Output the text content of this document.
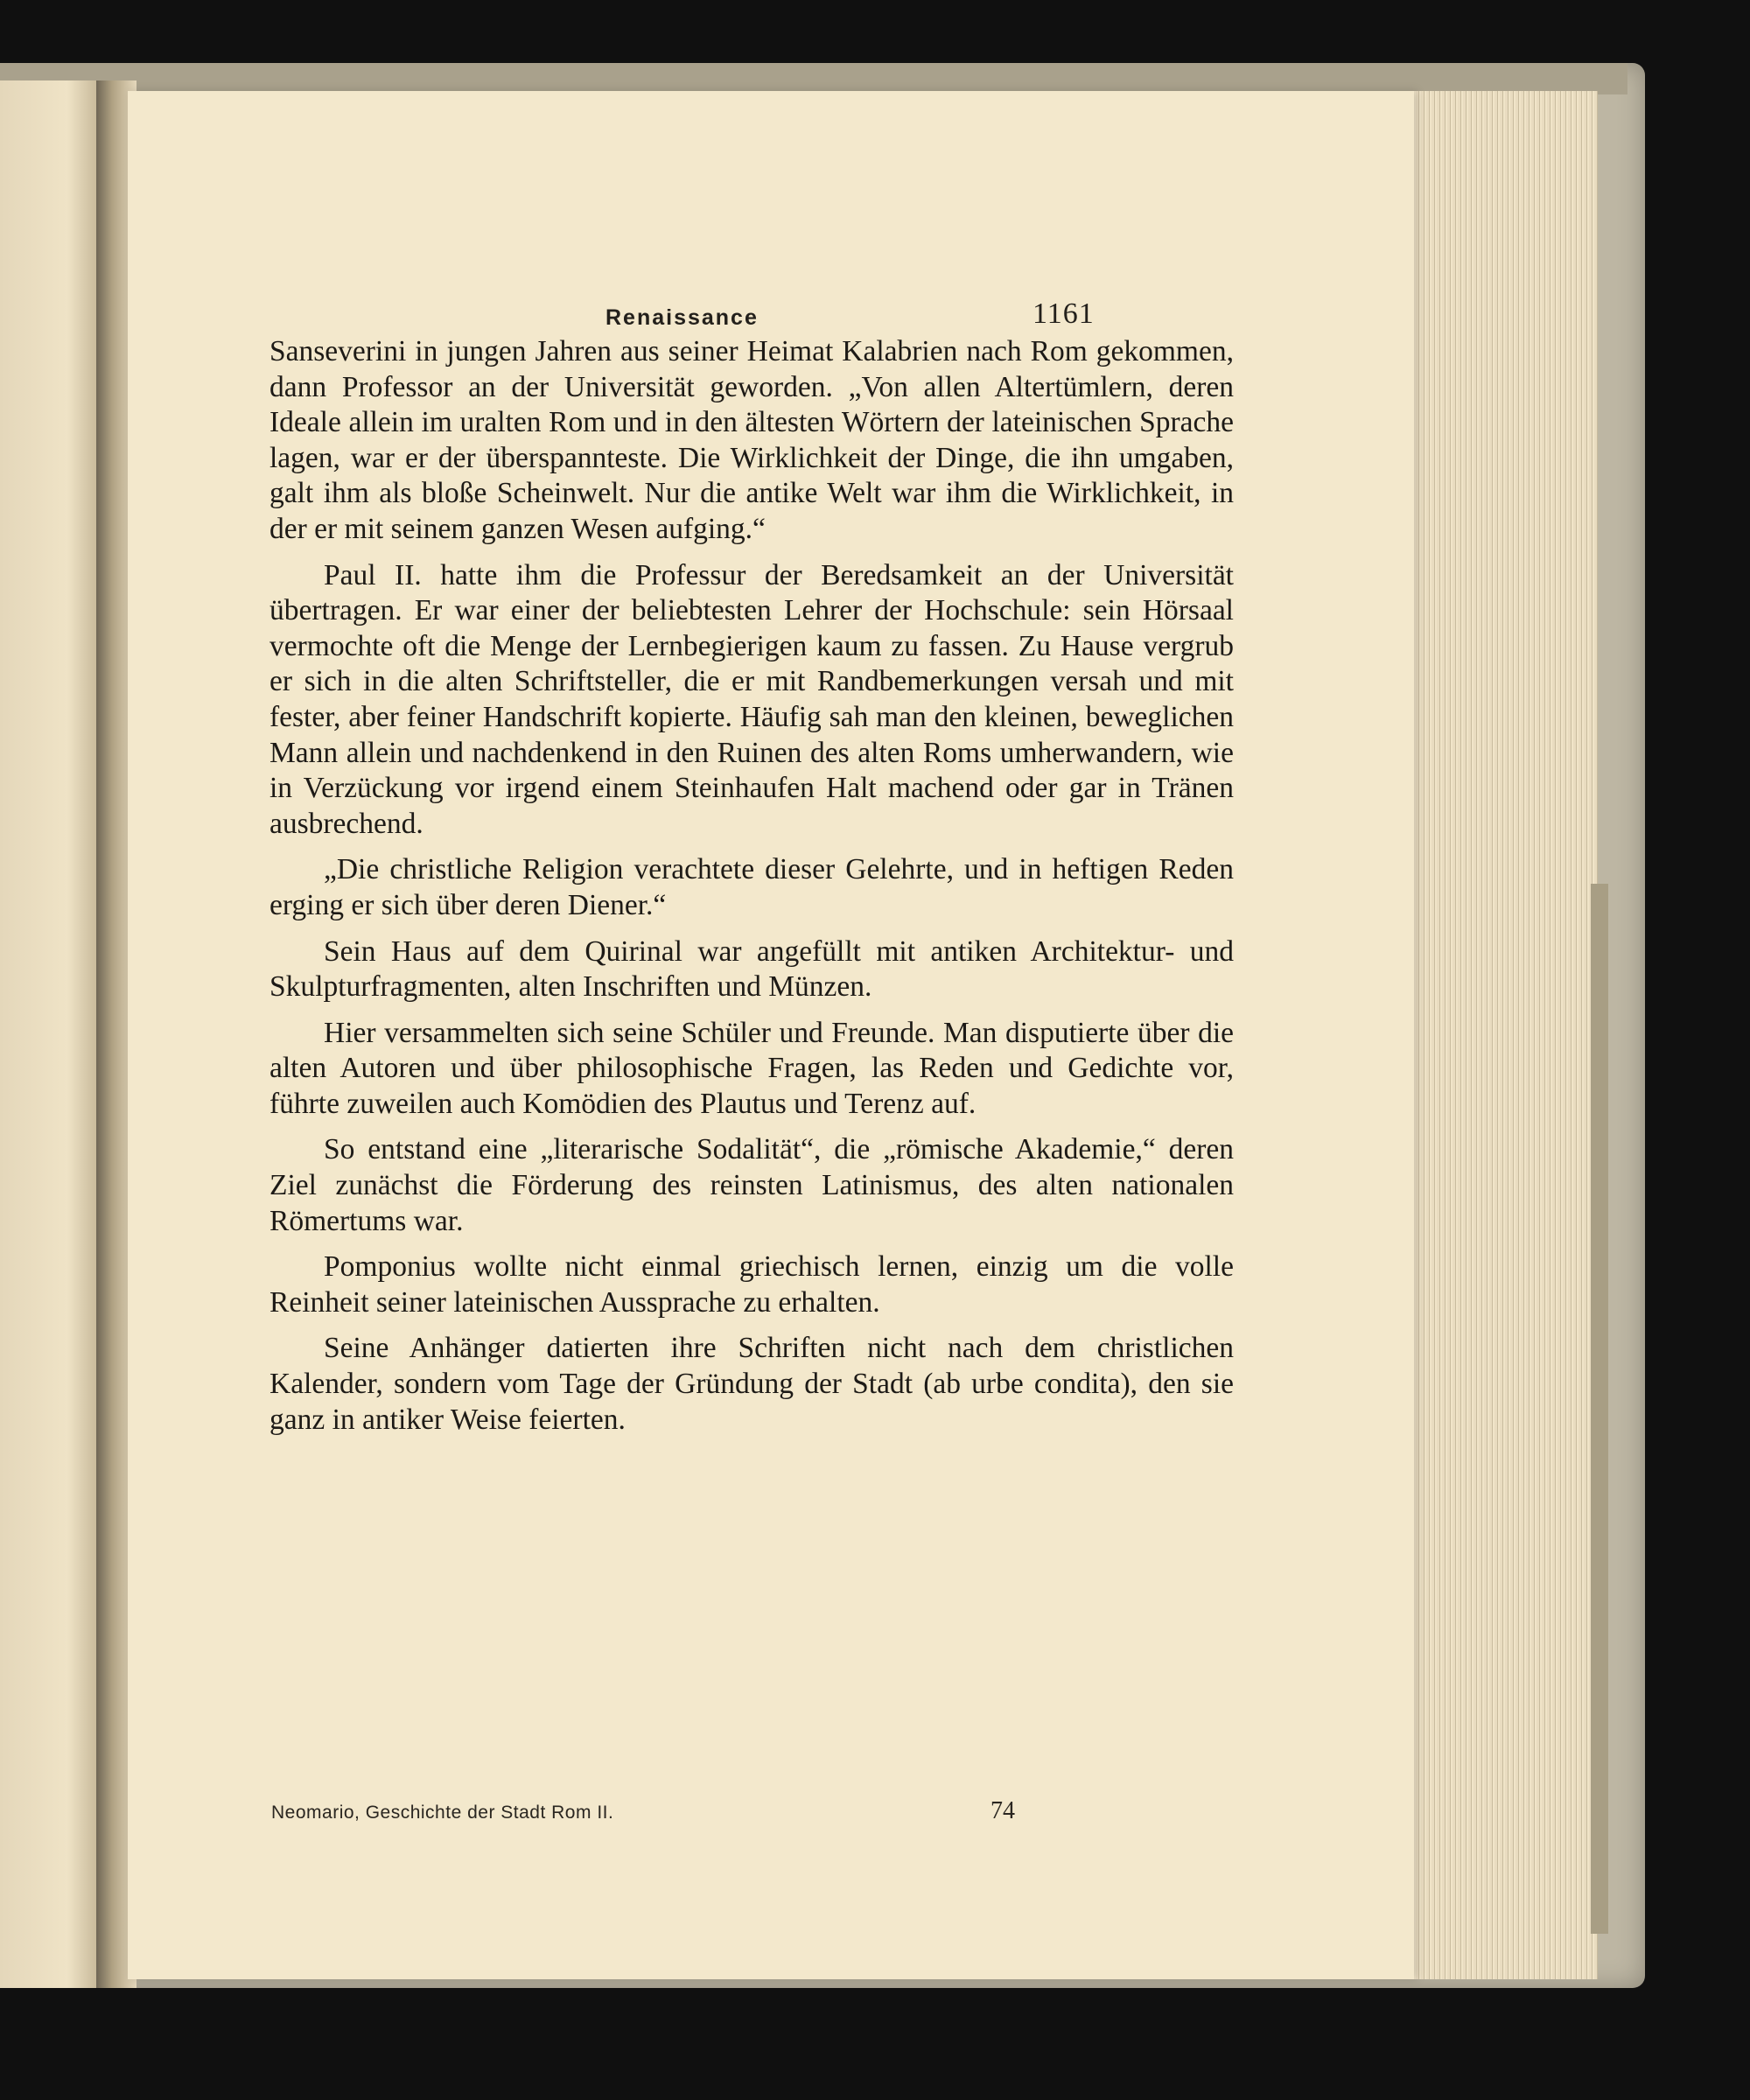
Renaissance	1161

Sanseverini in jungen Jahren aus seiner Heimat Kalabrien nach Rom gekommen, dann Professor an der Universität geworden. „Von allen Altertümlern, deren Ideale allein im uralten Rom und in den ältesten Wörtern der lateinischen Sprache lagen, war er der überspannteste. Die Wirklichkeit der Dinge, die ihn umgaben, galt ihm als bloße Scheinwelt. Nur die antike Welt war ihm die Wirklichkeit, in der er mit seinem ganzen Wesen aufging.“

Paul II. hatte ihm die Professur der Beredsamkeit an der Universität übertragen. Er war einer der beliebtesten Lehrer der Hochschule: sein Hörsaal vermochte oft die Menge der Lernbegierigen kaum zu fassen. Zu Hause vergrub er sich in die alten Schriftsteller, die er mit Randbemerkungen versah und mit fester, aber feiner Handschrift kopierte. Häufig sah man den kleinen, beweglichen Mann allein und nachdenkend in den Ruinen des alten Roms umherwandern, wie in Verzückung vor irgend einem Steinhaufen Halt machend oder gar in Tränen ausbrechend.

„Die christliche Religion verachtete dieser Gelehrte, und in heftigen Reden erging er sich über deren Diener.“

Sein Haus auf dem Quirinal war angefüllt mit antiken Architektur- und Skulpturfragmenten, alten Inschriften und Münzen.

Hier versammelten sich seine Schüler und Freunde. Man disputierte über die alten Autoren und über philosophische Fragen, las Reden und Gedichte vor, führte zuweilen auch Komödien des Plautus und Terenz auf.

So entstand eine „literarische Sodalität“, die „römische Akademie,“ deren Ziel zunächst die Förderung des reinsten Latinismus, des alten nationalen Römertums war.

Pomponius wollte nicht einmal griechisch lernen, einzig um die volle Reinheit seiner lateinischen Aussprache zu erhalten.

Seine Anhänger datierten ihre Schriften nicht nach dem christlichen Kalender, sondern vom Tage der Gründung der Stadt (ab urbe condita), den sie ganz in antiker Weise feierten.

Neomario, Geschichte der Stadt Rom II.	74
